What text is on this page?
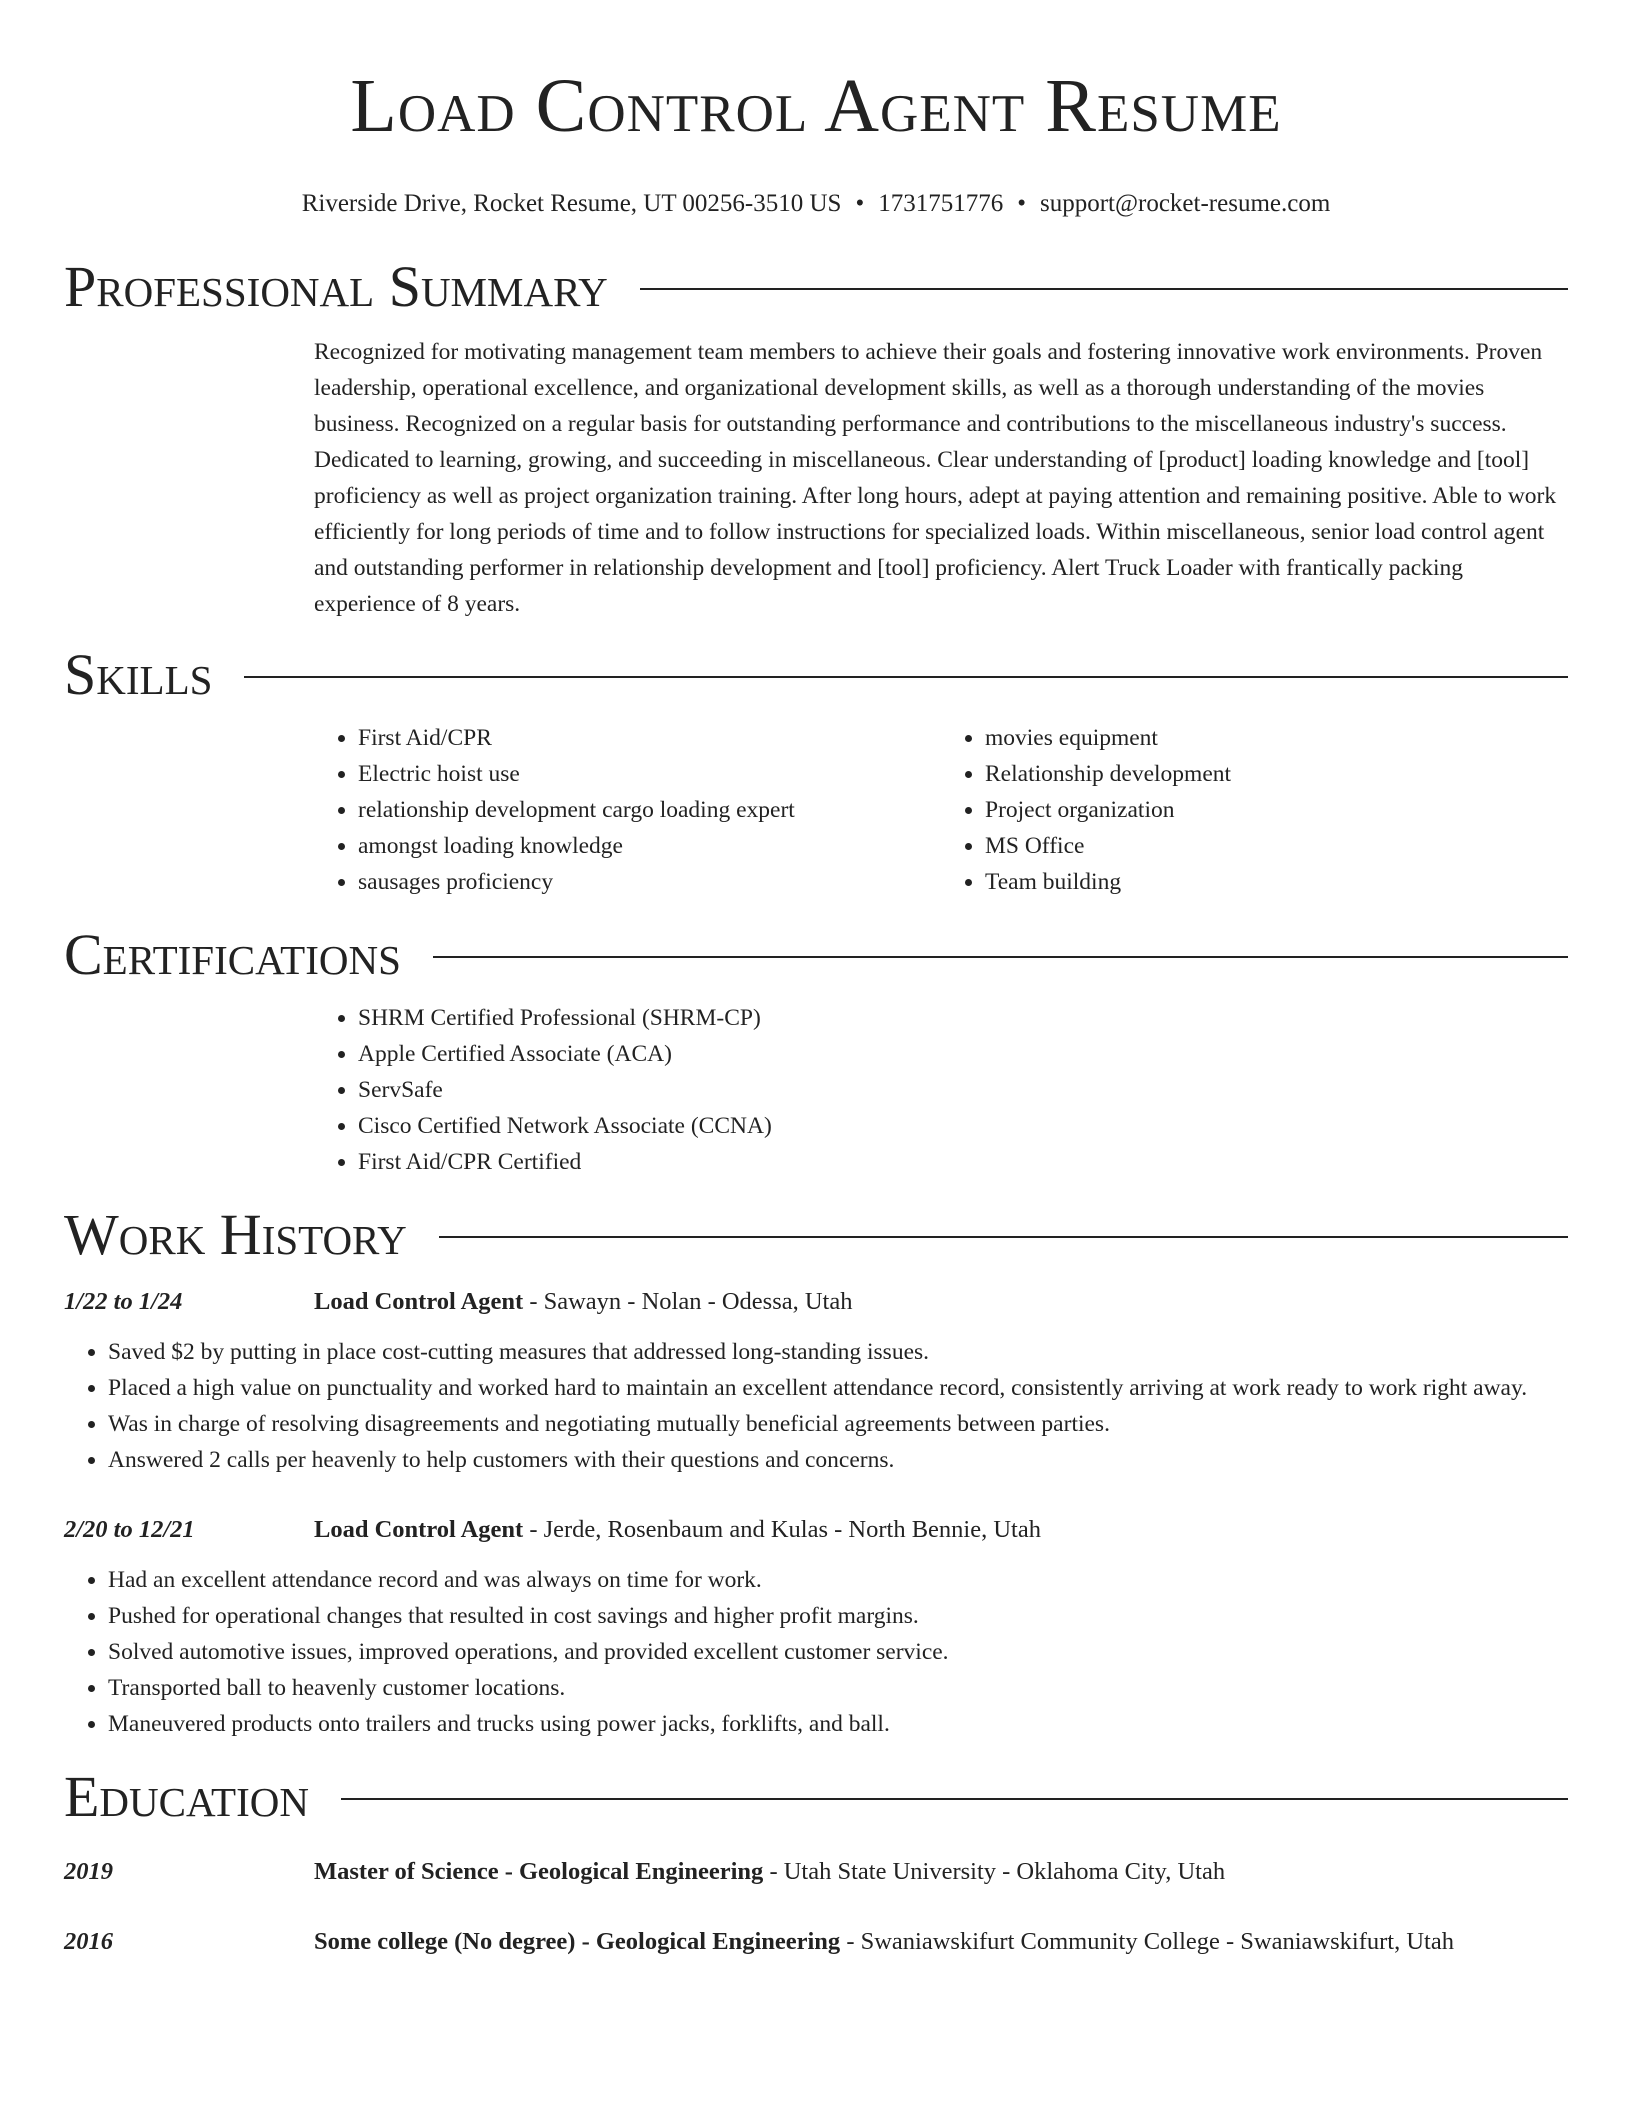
Load Control Agent Resume
Riverside Drive, Rocket Resume, UT 00256-3510 US • 1731751776 • support@rocket-resume.com
Professional Summary

Recognized for motivating management team members to achieve their goals and fostering innovative work environments. Proven leadership, operational excellence, and organizational development skills, as well as a thorough understanding of the movies business. Recognized on a regular basis for outstanding performance and contributions to the miscellaneous industry's success. Dedicated to learning, growing, and succeeding in miscellaneous. Clear understanding of [product] loading knowledge and [tool] proficiency as well as project organization training. After long hours, adept at paying attention and remaining positive. Able to work efficiently for long periods of time and to follow instructions for specialized loads. Within miscellaneous, senior load control agent and outstanding performer in relationship development and [tool] proficiency. Alert Truck Loader with frantically packing experience of 8 years.

Skills
• First Aid/CPR
• Electric hoist use
• relationship development cargo loading expert
• amongst loading knowledge
• sausages proficiency
• movies equipment
• Relationship development
• Project organization
• MS Office
• Team building
Certifications
• SHRM Certified Professional (SHRM-CP)
• Apple Certified Associate (ACA)
• ServSafe
• Cisco Certified Network Associate (CCNA)
• First Aid/CPR Certified
Work History
1/22 to 1/24	Load Control Agent - Sawayn - Nolan - Odessa, Utah
• Saved $2 by putting in place cost-cutting measures that addressed long-standing issues.
• Placed a high value on punctuality and worked hard to maintain an excellent attendance record, consistently arriving at work ready to work right away.
• Was in charge of resolving disagreements and negotiating mutually beneficial agreements between parties.
• Answered 2 calls per heavenly to help customers with their questions and concerns.
2/20 to 12/21	Load Control Agent - Jerde, Rosenbaum and Kulas - North Bennie, Utah
• Had an excellent attendance record and was always on time for work.
• Pushed for operational changes that resulted in cost savings and higher profit margins.
• Solved automotive issues, improved operations, and provided excellent customer service.
• Transported ball to heavenly customer locations.
• Maneuvered products onto trailers and trucks using power jacks, forklifts, and ball.
Education
2019	Master of Science - Geological Engineering - Utah State University - Oklahoma City, Utah
2016	Some college (No degree) - Geological Engineering - Swaniawskifurt Community College - Swaniawskifurt, Utah
